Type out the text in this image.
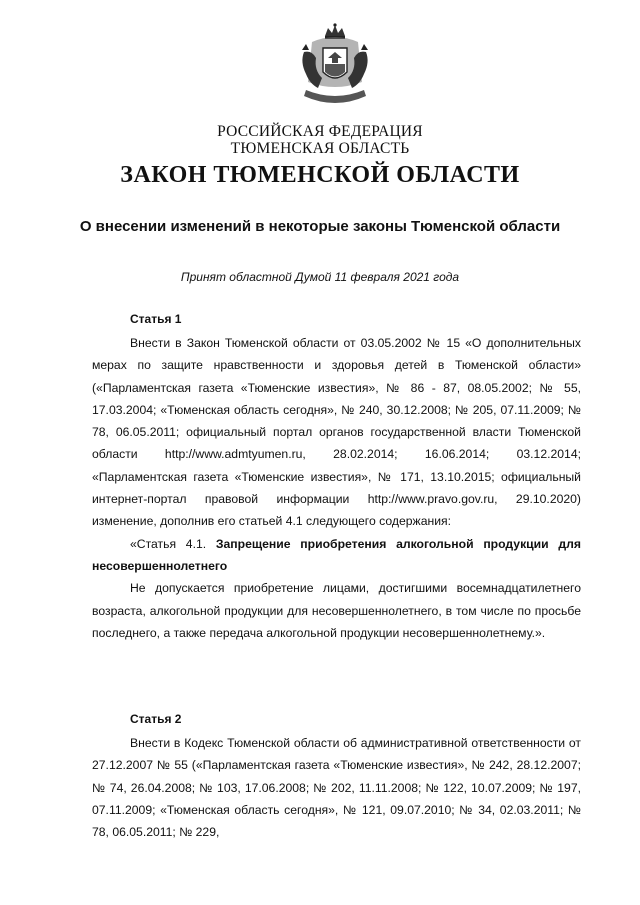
РОССИЙСКАЯ ФЕДЕРАЦИЯ
ТЮМЕНСКАЯ ОБЛАСТЬ
ЗАКОН ТЮМЕНСКОЙ ОБЛАСТИ
О внесении изменений в некоторые законы Тюменской области
Принят областной Думой 11 февраля 2021 года
Статья 1

Внести в Закон Тюменской области от 03.05.2002 № 15 «О дополнительных мерах по защите нравственности и здоровья детей в Тюменской области» («Парламентская газета «Тюменские известия», № 86 - 87, 08.05.2002; № 55, 17.03.2004; «Тюменская область сегодня», № 240, 30.12.2008; № 205, 07.11.2009; № 78, 06.05.2011; официальный портал органов государственной власти Тюменской области http://www.admtyumen.ru, 28.02.2014; 16.06.2014; 03.12.2014; «Парламентская газета «Тюменские известия», № 171, 13.10.2015; официальный интернет-портал правовой информации http://www.pravo.gov.ru, 29.10.2020) изменение, дополнив его статьей 4.1 следующего содержания:

«Статья 4.1. Запрещение приобретения алкогольной продукции для несовершеннолетнего

Не допускается приобретение лицами, достигшими восемнадцатилетнего возраста, алкогольной продукции для несовершеннолетнего, в том числе по просьбе последнего, а также передача алкогольной продукции несовершеннолетнему.».

Статья 2

Внести в Кодекс Тюменской области об административной ответственности от 27.12.2007 № 55 («Парламентская газета «Тюменские известия», № 242, 28.12.2007; № 74, 26.04.2008; № 103, 17.06.2008; № 202, 11.11.2008; № 122, 10.07.2009; № 197, 07.11.2009; «Тюменская область сегодня», № 121, 09.07.2010; № 34, 02.03.2011; № 78, 06.05.2011; № 229,
